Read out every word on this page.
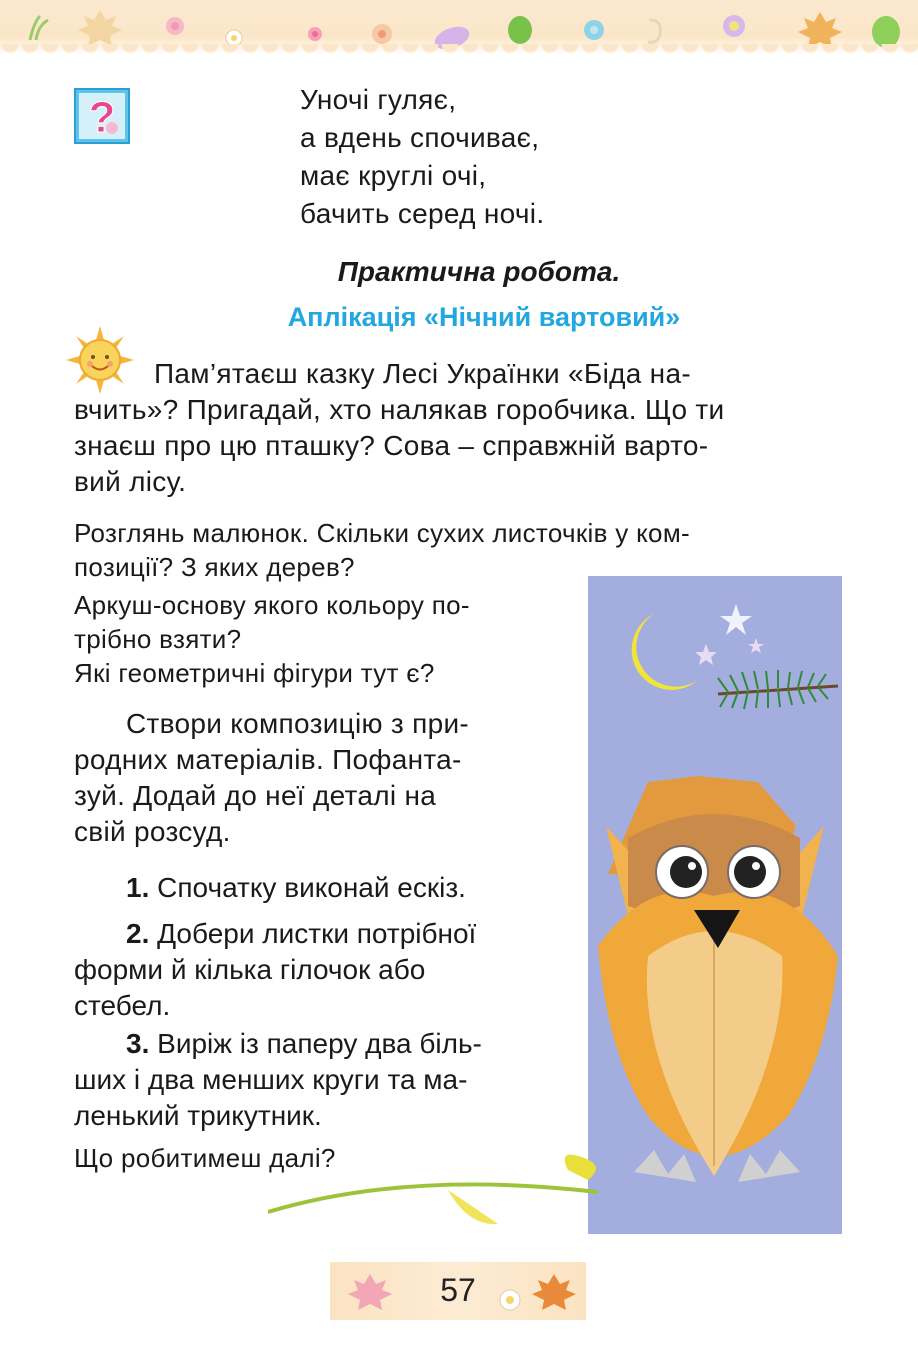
?	Уночі гуляє,
а вдень спочиває,
має круглі очі,
бачить серед ночі.
Практична робота.
Аплікація «Нічний вартовий»
Пам’ятаєш казку Лесі Українки «Біда на-
вчить»? Пригадай, хто налякав горобчика. Що ти
знаєш про цю пташку? Сова – справжній варто-
вий лісу.
Розглянь малюнок. Скільки сухих листочків у ком-
позиції? З яких дерев?
Аркуш-основу якого кольору по-
трібно взяти?
Які геометричні фігури тут є?
Створи композицію з при-
родних матеріалів. Пофанта-
зуй. Додай до неї деталі на
свій розсуд.
1. Спочатку виконай ескіз.
2. Добери листки потрібної
форми й кілька гілочок або
стебел.
3. Виріж із паперу два біль-
ших і два менших круги та ма-
ленький трикутник.
Що робитимеш далі?
57
